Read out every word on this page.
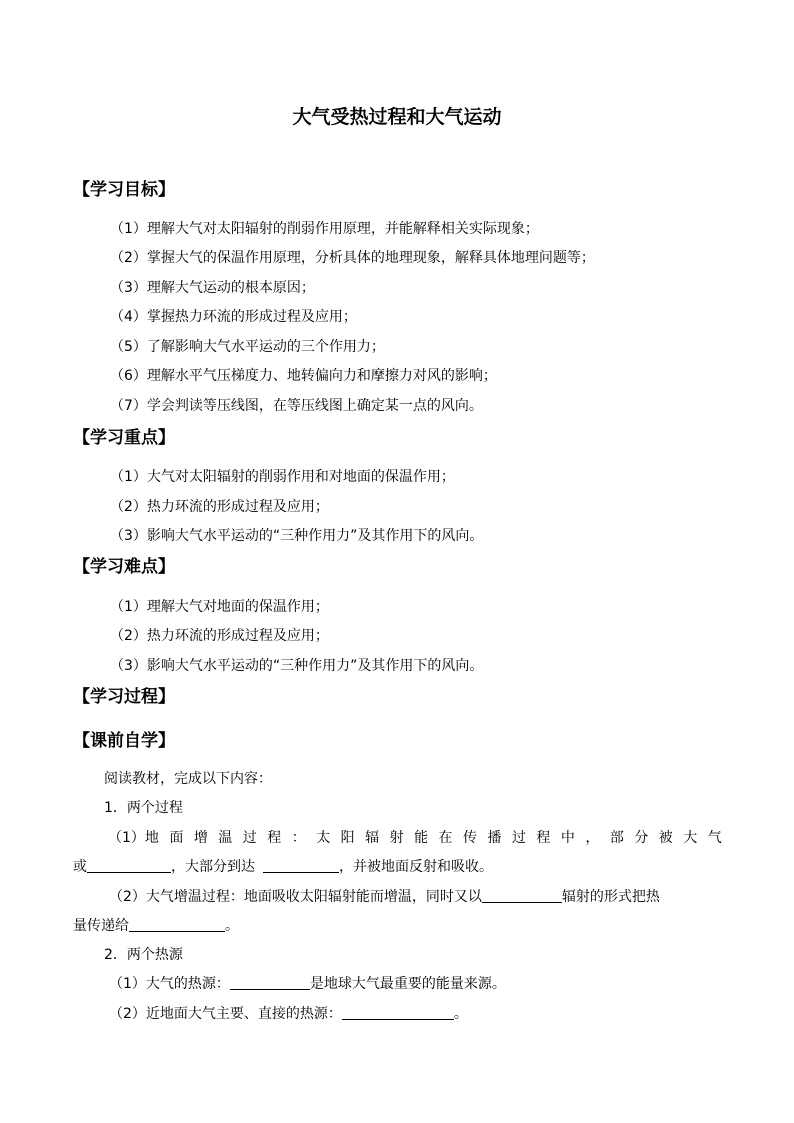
大气受热过程和大气运动
【学习目标】
（1）理解大气对太阳辐射的削弱作用原理，并能解释相关实际现象；
（2）掌握大气的保温作用原理，分析具体的地理现象，解释具体地理问题等；
（3）理解大气运动的根本原因；
（4）掌握热力环流的形成过程及应用；
（5）了解影响大气水平运动的三个作用力；
（6）理解水平气压梯度力、地转偏向力和摩擦力对风的影响；
（7）学会判读等压线图，在等压线图上确定某一点的风向。
【学习重点】
（1）大气对太阳辐射的削弱作用和对地面的保温作用；
（2）热力环流的形成过程及应用；
（3）影响大气水平运动的“三种作用力”及其作用下的风向。
【学习难点】
（1）理解大气对地面的保温作用；
（2）热力环流的形成过程及应用；
（3）影响大气水平运动的“三种作用力”及其作用下的风向。
【学习过程】
【课前自学】
阅读教材，完成以下内容：
1．两个过程
（1）地 面 增 温 过 程 ： 太 阳 辐 射 能 在 传 播 过 程 中 ， 部 分 被 大 气
或	，大部分到达	，并被地面反射和吸收。
（2）大气增温过程：地面吸收太阳辐射能而增温，同时又以	辐射的形式把热
量传递给	。
2．两个热源
（1）大气的热源：	是地球大气最重要的能量来源。
（2）近地面大气主要、直接的热源：	。
